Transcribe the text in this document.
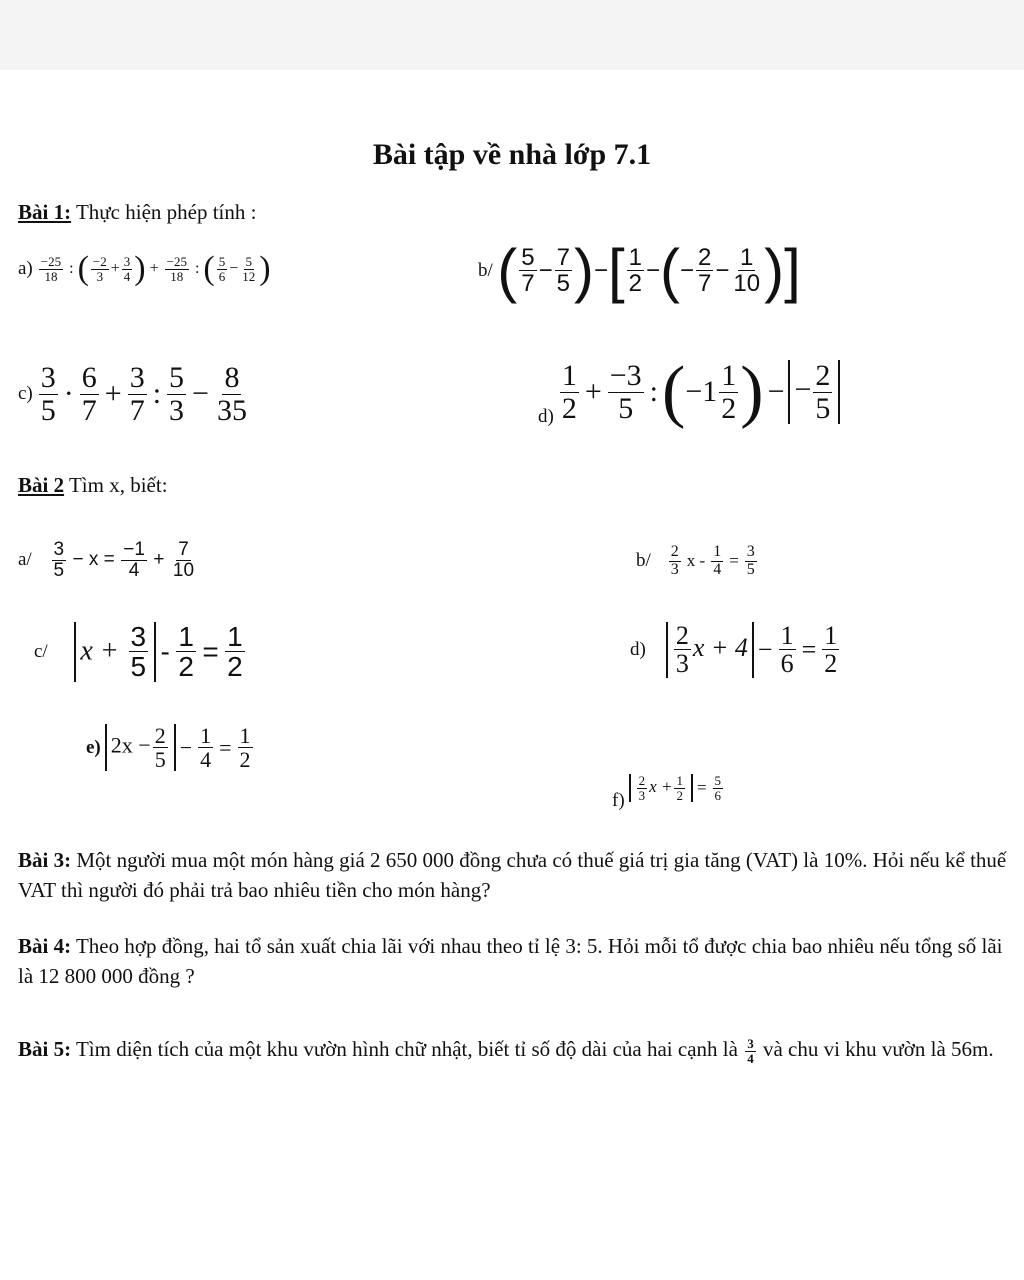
Bài tập về nhà lớp 7.1
Bài 1: Thực hiện phép tính :
$a) \frac{-25}{18}$ : ( $\frac{-2}{3} + \frac{3}{4}$ ) + $\frac{-25}{18}$ : ( $\frac{5}{6} - \frac{5}{12}$ )	b/ ( $\frac{5}{7} - \frac{7}{5}$ )−[ $\frac{1}{2}$ −(− $\frac{2}{7} - \frac{1}{10}$ )]
$c) \frac{3}{5} \cdot \frac{6}{7} + \frac{3}{7}$ : $\frac{5}{3} - \frac{8}{35}$	$d) \frac{1}{2} + \frac{-3}{5}$ : ( −1 1
2 ) − − $\frac{2}{5}$
Bài 2 Tìm x, biết:
$a/ \frac{3}{5} - x = \frac{-1}{4} + \frac{7}{10}$	$b/ \frac{2}{3}$ $x - \frac{1}{4} = \frac{3}{5}$
c/ $x + \frac{3}{5} - \frac{1}{2} = \frac{1}{2}$	$d) \frac{2}{3}$ $x + 4 - \frac{1}{6} = \frac{1}{2}$
e) $2x - \frac{2}{5} - \frac{1}{4} = \frac{1}{2}$
$f) \frac{2}{3}$ $x + \frac{1}{2} = \frac{5}{6}$
Bài 3: Một người mua một món hàng giá 2 650 000 đồng chưa có thuế giá trị gia tăng (VAT) là 10%. Hỏi nếu kể thuế VAT thì người đó phải trả bao nhiêu tiền cho món hàng?
Bài 4: Theo hợp đồng, hai tổ sản xuất chia lãi với nhau theo tỉ lệ 3: 5. Hỏi mỗi tổ được chia bao nhiêu nếu tổng số lãi là 12 800 000 đồng ?
Bài 5: Tìm diện tích của một khu vườn hình chữ nhật, biết tỉ số độ dài của hai cạnh là $\frac{3}{4}$ và chu vi khu vườn là 56m.
